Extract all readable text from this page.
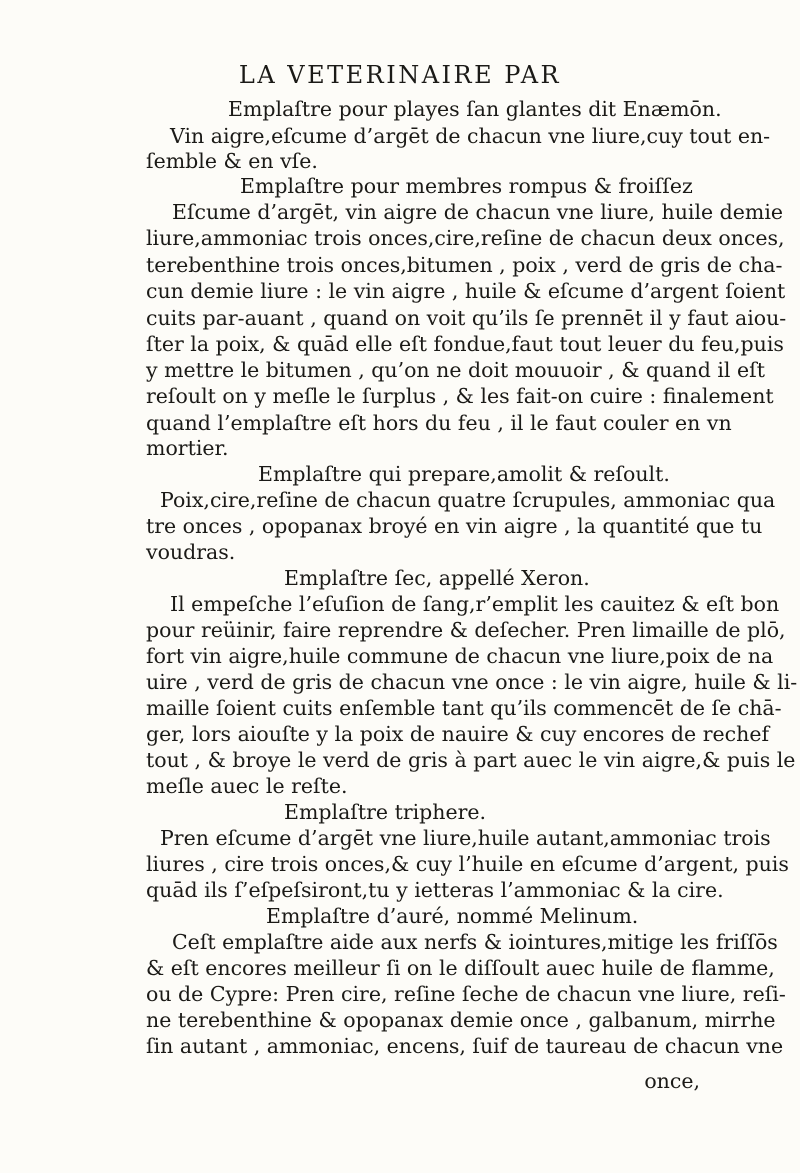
LA VETERINAIRE PAR
Emplaſtre pour playes ſan glantes dit Enæmōn.
Vin aigre,eſcume d’argēt de chacun vne liure,cuy tout en-
ſemble & en vſe.
Emplaſtre pour membres rompus & froiſſez
Eſcume d’argēt, vin aigre de chacun vne liure, huile demie
liure,ammoniac trois onces,cire,reſine de chacun deux onces,
terebenthine trois onces,bitumen , poix , verd de gris de cha-
cun demie liure : le vin aigre , huile & eſcume d’argent ſoient
cuits par-auant , quand on voit qu’ils ſe prennēt il y faut aiou-
ſter la poix, & quād elle eſt fondue,faut tout leuer du feu,puis
y mettre le bitumen , qu’on ne doit mouuoir , & quand il eſt
reſoult on y meſle le ſurplus , & les fait-on cuire : finalement
quand l’emplaſtre eſt hors du feu , il le faut couler en vn
mortier.
Emplaſtre qui prepare,amolit & reſoult.
Poix,cire,reſine de chacun quatre ſcrupules, ammoniac qua
tre onces , opopanax broyé en vin aigre , la quantité que tu
voudras.
Emplaſtre ſec, appellé Xeron.
Il empeſche l’eſuſion de ſang,r’emplit les cauitez & eſt bon
pour reüinir, faire reprendre & deſecher. Pren limaille de plō,
fort vin aigre,huile commune de chacun vne liure,poix de na
uire , verd de gris de chacun vne once : le vin aigre, huile & li-
maille ſoient cuits enſemble tant qu’ils commencēt de ſe chā-
ger, lors aiouſte y la poix de nauire & cuy encores de rechef
tout , & broye le verd de gris à part auec le vin aigre,& puis le
meſle auec le reſte.
Emplaſtre triphere.
Pren eſcume d’argēt vne liure,huile autant,ammoniac trois
liures , cire trois onces,& cuy l’huile en eſcume d’argent, puis
quād ils ſ’eſpeſsiront,tu y ietteras l’ammoniac & la cire.
Emplaſtre d’auré, nommé Melinum.
Ceſt emplaſtre aide aux nerfs & iointures,mitige les friſſōs
& eſt encores meilleur ſi on le diſſoult auec huile de flamme,
ou de Cypre: Pren cire, reſine ſeche de chacun vne liure, reſi-
ne terebenthine & opopanax demie once , galbanum, mirrhe
ſin autant , ammoniac, encens, ſuif de taureau de chacun vne
once,
